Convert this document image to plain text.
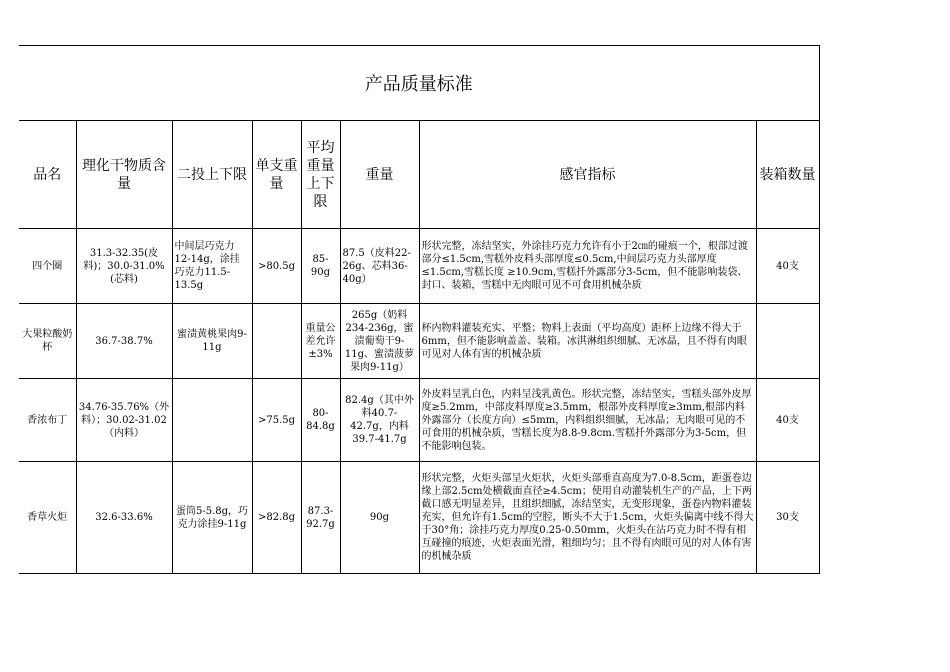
产品质量标准							
品名	理化干物质含量	二投上下限	单支重量	平均重量上下限	重量	感官指标	装箱数量
四个圈	31.3-32.35(皮料)；30.0-31.0%(芯料)	中间层巧克力12-14g，涂挂巧克力11.5-13.5g	>80.5g	85-90g	87.5（皮料22-26g、芯料36-40g）	形状完整，冻结坚实，外涂挂巧克力允许有小于2㎝的碰痕一个，根部过渡部分≤1.5cm,雪糕外皮料头部厚度≤0.5cm,中间层巧克力头部厚度≤1.5cm,雪糕长度 ≥10.9cm,雪糕扦外露部分3-5cm，但不能影响装袋、封口、装箱，雪糕中无肉眼可见不可食用机械杂质	40支
大果粒酸奶杯	36.7-38.7%	蜜渍黄桃果肉9-11g		重量公差允许±3%	265g（奶料234-236g，蜜渍葡萄干9-11g、蜜渍菠萝果肉9-11g）	杯内物料灌装充实、平整；物料上表面（平均高度）距杯上边缘不得大于6mm，但不能影响盖盖、装箱。冰淇淋组织细腻、无冰晶，且不得有肉眼可见对人体有害的机械杂质	
香浓布丁	34.76-35.76%（外料）；30.02-31.02（内料）		>75.5g	80-84.8g	82.4g（其中外料40.7-42.7g，内料39.7-41.7g	外皮料呈乳白色，内料呈浅乳黄色。形状完整，冻结坚实，雪糕头部外皮厚度≥5.2mm，中部皮料厚度≥3.5mm，根部外皮料厚度≥3mm,根部内料外露部分（长度方向）≤5mm，内料组织细腻，无冰晶；无肉眼可见的不可食用的机械杂质，雪糕长度为8.8-9.8cm.雪糕扦外露部分为3-5cm，但不能影响包装。	40支
香草火炬	32.6-33.6%	蛋筒5-5.8g，巧克力涂挂9-11g	>82.8g	87.3-92.7g	90g	形状完整，火炬头部呈火炬状，火炬头部垂直高度为7.0-8.5cm，距蛋卷边缘上部2.5cm处横截面直径≥4.5cm；使用自动灌装机生产的产品，上下两截口感无明显差异，且组织细腻，冻结坚实，无变形现象，蛋卷内物料灌装充实，但允许有1.5cm的空腔，断头不大于1.5cm，火炬头偏离中线不得大于30°角；涂挂巧克力厚度0.25-0.50mm，火炬头在沾巧克力时不得有相互碰撞的痕迹，火炬表面光滑，粗细均匀；且不得有肉眼可见的对人体有害的机械杂质	30支
